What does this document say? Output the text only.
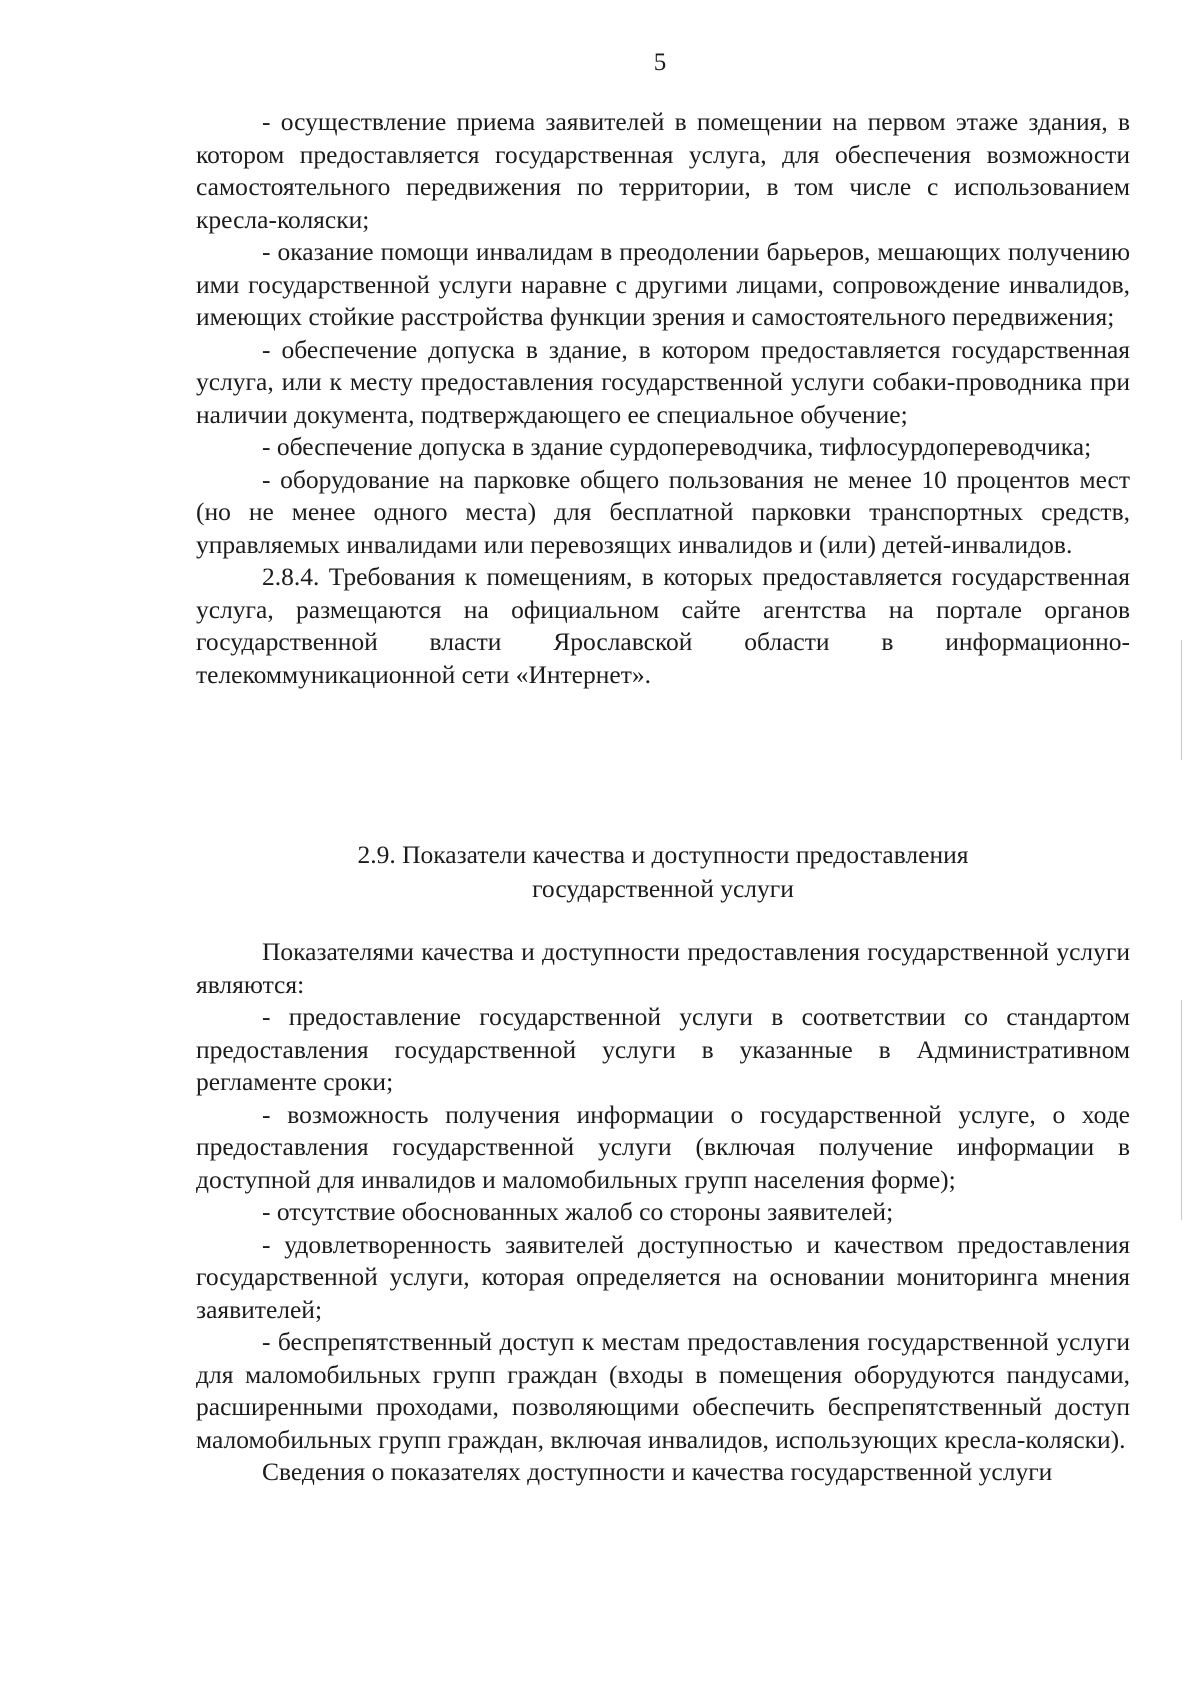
5

- осуществление приема заявителей в помещении на первом этаже здания, в котором предоставляется государственная услуга, для обеспечения возможности самостоятельного передвижения по территории, в том числе с использованием кресла-коляски;

- оказание помощи инвалидам в преодолении барьеров, мешающих получению ими государственной услуги наравне с другими лицами, сопровождение инвалидов, имеющих стойкие расстройства функции зрения и самостоятельного передвижения;

- обеспечение допуска в здание, в котором предоставляется государственная услуга, или к месту предоставления государственной услуги собаки-проводника при наличии документа, подтверждающего ее специальное обучение;

- обеспечение допуска в здание сурдопереводчика, тифлосурдопереводчика;

- оборудование на парковке общего пользования не менее 10 процентов мест (но не менее одного места) для бесплатной парковки транспортных средств, управляемых инвалидами или перевозящих инвалидов и (или) детей-инвалидов.

2.8.4. Требования к помещениям, в которых предоставляется государственная услуга, размещаются на официальном сайте агентства на портале органов государственной власти Ярославской области в информационно-телекоммуникационной сети «Интернет».

2.9. Показатели качества и доступности предоставления
государственной услуги

Показателями качества и доступности предоставления государственной услуги являются:

- предоставление государственной услуги в соответствии со стандартом предоставления государственной услуги в указанные в Административном регламенте сроки;

- возможность получения информации о государственной услуге, о ходе предоставления государственной услуги (включая получение информации в доступной для инвалидов и маломобильных групп населения форме);

- отсутствие обоснованных жалоб со стороны заявителей;

- удовлетворенность заявителей доступностью и качеством предоставления государственной услуги, которая определяется на основании мониторинга мнения заявителей;

- беспрепятственный доступ к местам предоставления государственной услуги для маломобильных групп граждан (входы в помещения оборудуются пандусами, расширенными проходами, позволяющими обеспечить беспрепятственный доступ маломобильных групп граждан, включая инвалидов, использующих кресла-коляски).

Сведения о показателях доступности и качества государственной услуги
